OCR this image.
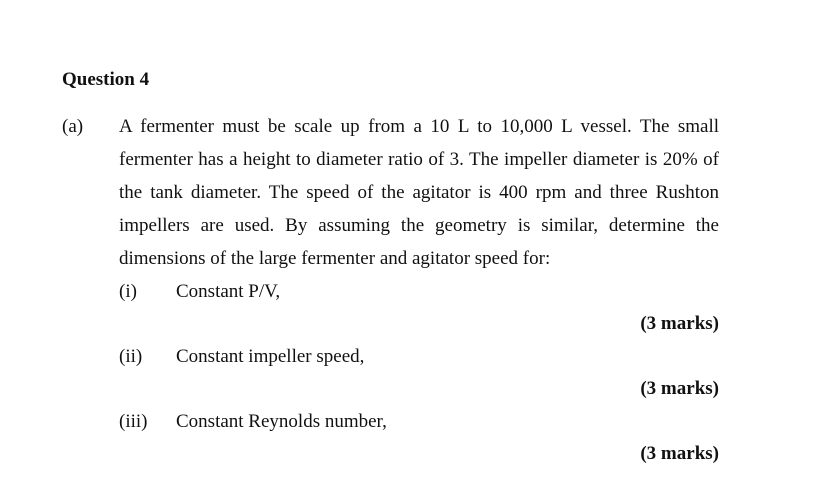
Question 4
(a) A fermenter must be scale up from a 10 L to 10,000 L vessel. The small
fermenter has a height to diameter ratio of 3. The impeller diameter is 20% of
the tank diameter. The speed of the agitator is 400 rpm and three Rushton
impellers are used. By assuming the geometry is similar, determine the
dimensions of the large fermenter and agitator speed for:
(i) Constant P/V,
(3 marks)
(ii) Constant impeller speed,
(3 marks)
(iii) Constant Reynolds number,
(3 marks)
